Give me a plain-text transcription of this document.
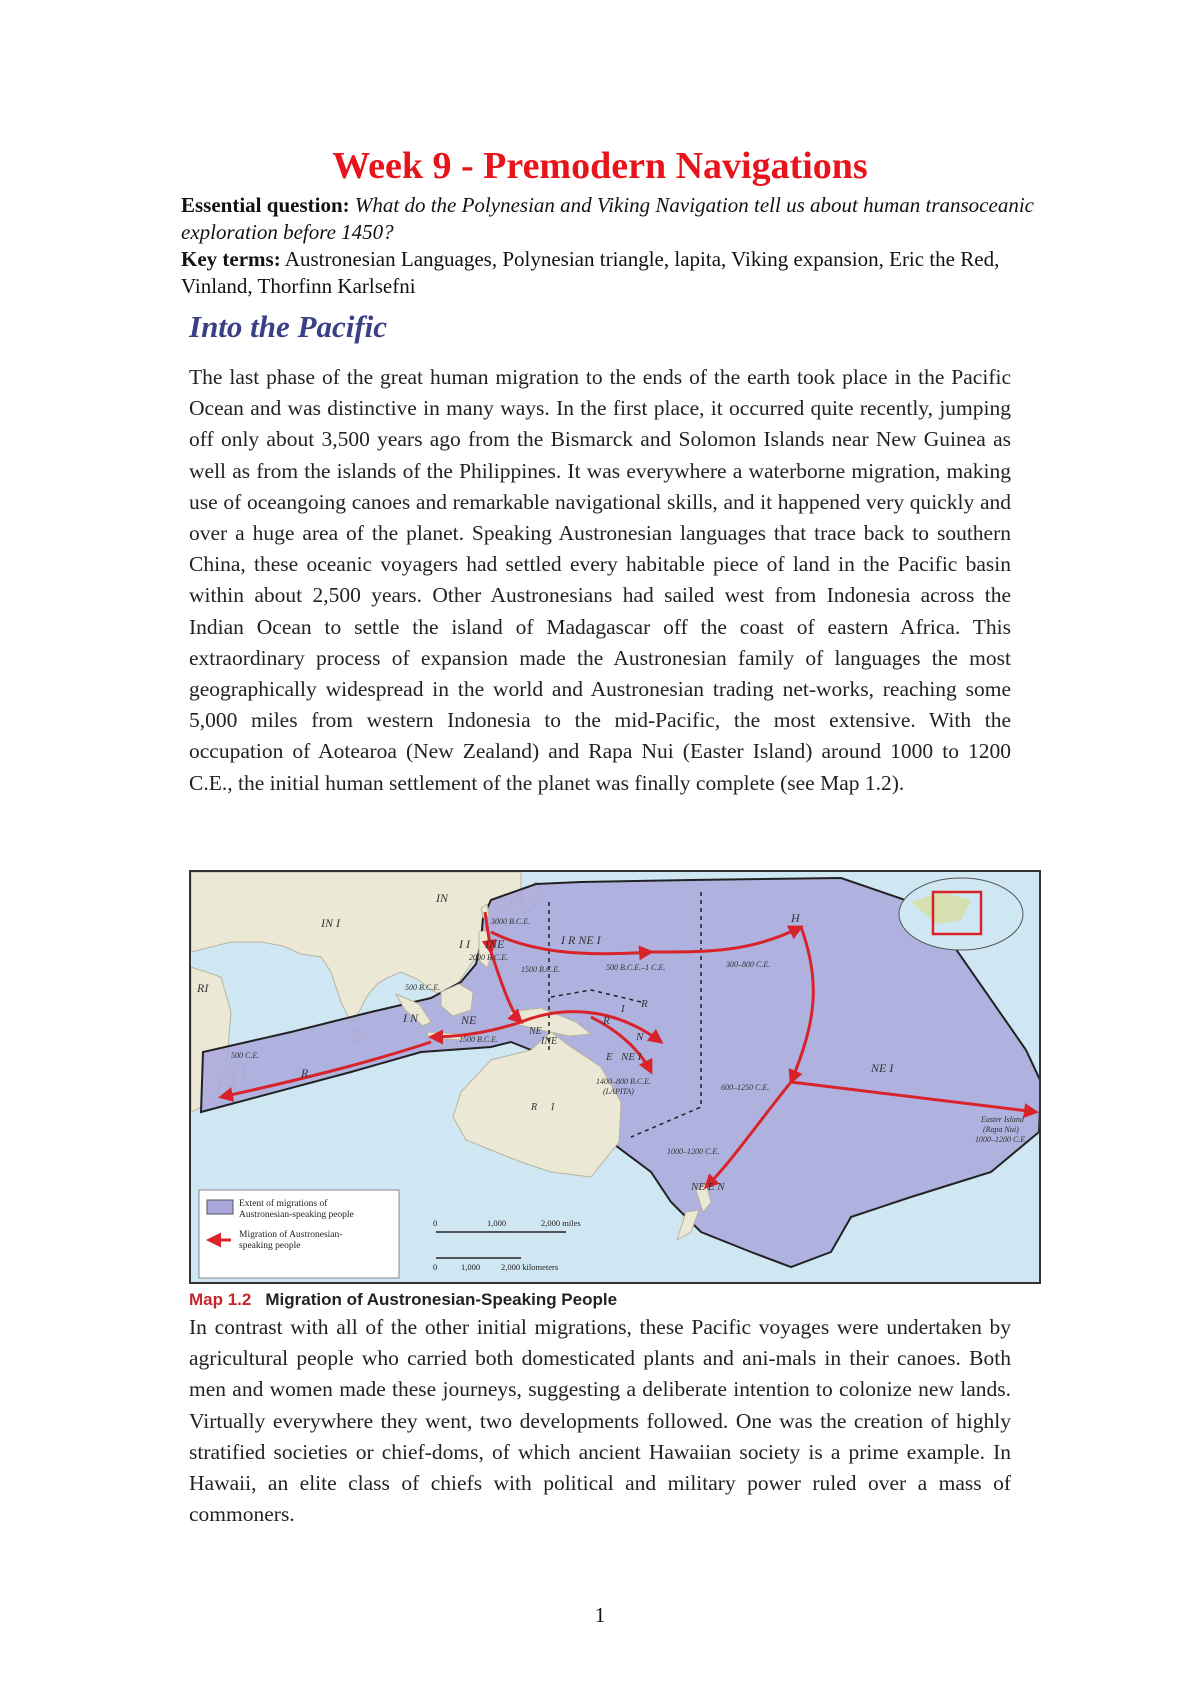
Week 9 - Premodern Navigations
Essential question: What do the Polynesian and Viking Navigation tell us about human transoceanic exploration before 1450?
Key terms: Austronesian Languages, Polynesian triangle, lapita, Viking expansion, Eric the Red, Vinland, Thorfinn Karlsefni
Into the Pacific
The last phase of the great human migration to the ends of the earth took place in the Pacific Ocean and was distinctive in many ways. In the first place, it occurred quite recently, jumping off only about 3,500 years ago from the Bismarck and Solomon Islands near New Guinea as well as from the islands of the Philippines. It was everywhere a waterborne migration, making use of oceangoing canoes and remarkable navigational skills, and it happened very quickly and over a huge area of the planet. Speaking Austronesian languages that trace back to southern China, these oceanic voyagers had settled every habitable piece of land in the Pacific basin within about 2,500 years. Other Austronesians had sailed west from Indonesia across the Indian Ocean to settle the island of Madagascar off the coast of eastern Africa. This extraordinary process of expansion made the Austronesian family of languages the most geographically widespread in the world and Austronesian trading net-works, reaching some 5,000 miles from western Indonesia to the mid-Pacific, the most extensive. With the occupation of Aotearoa (New Zealand) and Rapa Nui (Easter Island) around 1000 to 1200 C.E., the initial human settlement of the planet was finally complete (see Map 1.2).
IN
IN I
RI
3000 B.C.E.
I I INE
2000 B.C.E.
1500 B.C.E.
500 B.C.E.
500 B.C.E.–1 C.E.
I R NE I
H
300–800 C.E.
I N	NE
1500 B.C.E.
NE
INE
I
R
R
N
500 C.E.
R
R I
1400–800 B.C.E.
(LAPITA)
E NE I
600–1250 C.E.
NE I
Easter Island
(Rapa Nui)
1000–1200 C.E.
1000–1200 C.E.
NE E N
Extent of migrations of
Austronesian-speaking people
Migration of Austronesian-
speaking people
0	1,000	2,000 miles
0	1,000 2,000 kilometers
Map 1.2 Migration of Austronesian-Speaking People
In contrast with all of the other initial migrations, these Pacific voyages were undertaken by agricultural people who carried both domesticated plants and ani-mals in their canoes. Both men and women made these journeys, suggesting a deliberate intention to colonize new lands. Virtually everywhere they went, two developments followed. One was the creation of highly stratified societies or chief-doms, of which ancient Hawaiian society is a prime example. In Hawaii, an elite class of chiefs with political and military power ruled over a mass of commoners.
1
